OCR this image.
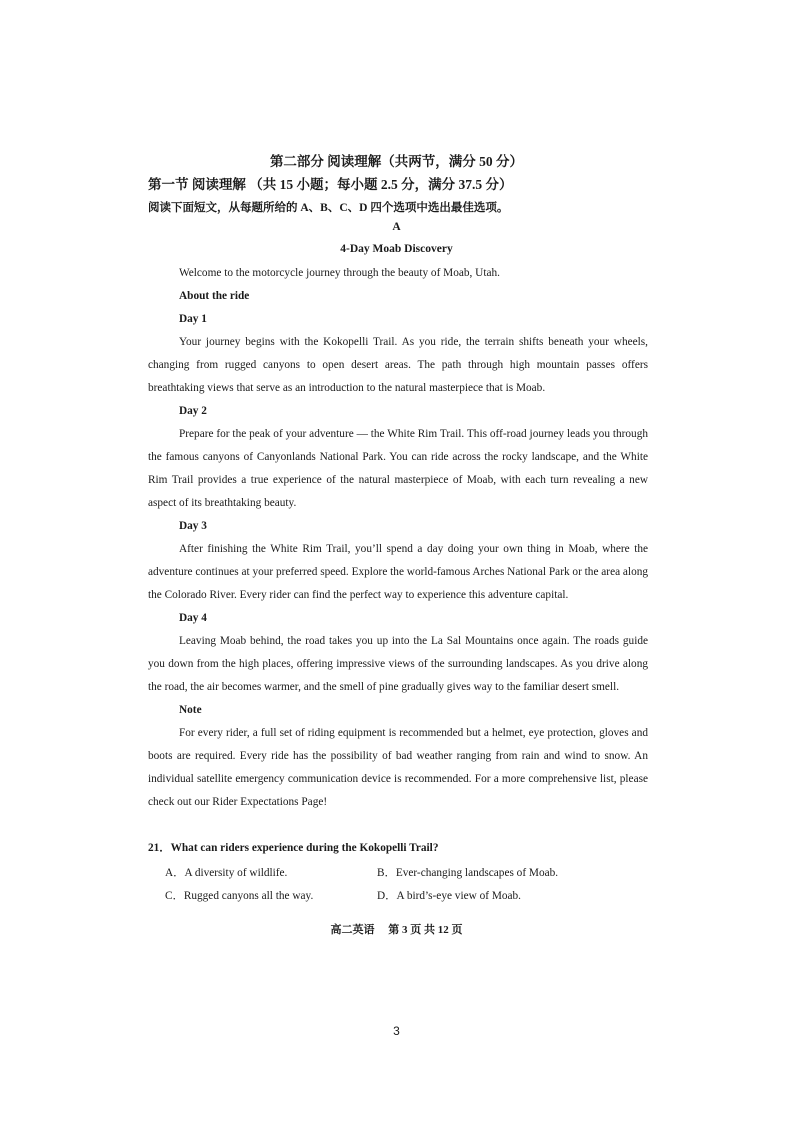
第二部分 阅读理解（共两节，满分 50 分）
第一节 阅读理解 （共 15 小题；每小题 2.5 分，满分 37.5 分）
阅读下面短文，从每题所给的 A、B、C、D 四个选项中选出最佳选项。
A
4-Day Moab Discovery

Welcome to the motorcycle journey through the beauty of Moab, Utah.

About the ride

Day 1

Your journey begins with the Kokopelli Trail. As you ride, the terrain shifts beneath your wheels, changing from rugged canyons to open desert areas. The path through high mountain passes offers breathtaking views that serve as an introduction to the natural masterpiece that is Moab.

Day 2

Prepare for the peak of your adventure — the White Rim Trail. This off-road journey leads you through the famous canyons of Canyonlands National Park. You can ride across the rocky landscape, and the White Rim Trail provides a true experience of the natural masterpiece of Moab, with each turn revealing a new aspect of its breathtaking beauty.

Day 3

After finishing the White Rim Trail, you’ll spend a day doing your own thing in Moab, where the adventure continues at your preferred speed. Explore the world-famous Arches National Park or the area along the Colorado River. Every rider can find the perfect way to experience this adventure capital.

Day 4

Leaving Moab behind, the road takes you up into the La Sal Mountains once again. The roads guide you down from the high places, offering impressive views of the surrounding landscapes. As you drive along the road, the air becomes warmer, and the smell of pine gradually gives way to the familiar desert smell.

Note

For every rider, a full set of riding equipment is recommended but a helmet, eye protection, gloves and boots are required. Every ride has the possibility of bad weather ranging from rain and wind to snow. An individual satellite emergency communication device is recommended. For a more comprehensive list, please check out our Rider Expectations Page!

21．What can riders experience during the Kokopelli Trail?
A．A diversity of wildlife.	B．Ever-changing landscapes of Moab.
C．Rugged canyons all the way.	D．A bird’s-eye view of Moab.
高二英语　 第 3 页 共 12 页
3
